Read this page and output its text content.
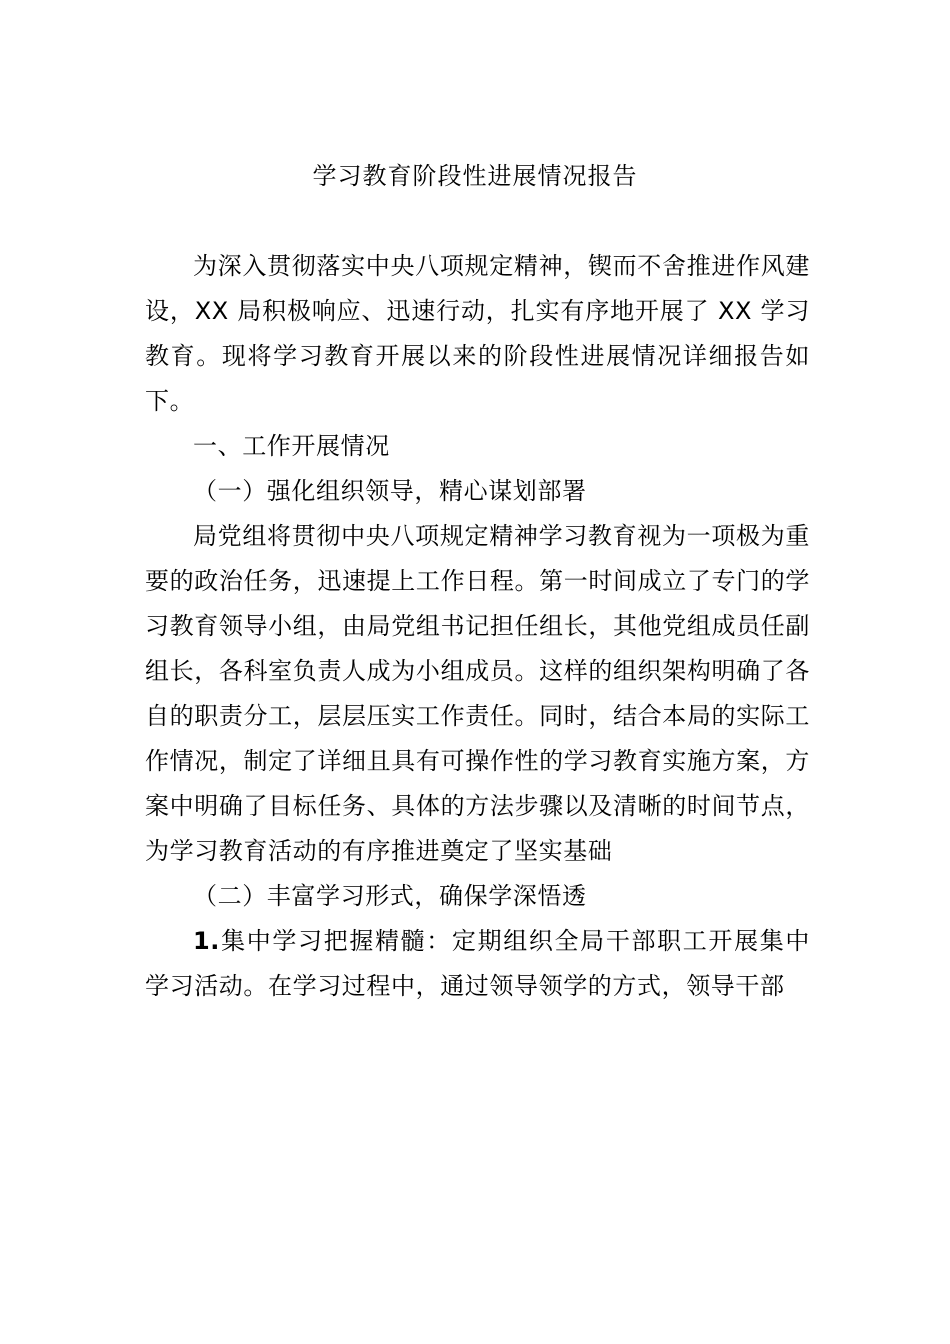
学习教育阶段性进展情况报告

为深入贯彻落实中央八项规定精神，锲而不舍推进作风建设，XX 局积极响应、迅速行动，扎实有序地开展了 XX 学习教育。现将学习教育开展以来的阶段性进展情况详细报告如下。

一、工作开展情况

（一）强化组织领导，精心谋划部署

局党组将贯彻中央八项规定精神学习教育视为一项极为重要的政治任务，迅速提上工作日程。第一时间成立了专门的学习教育领导小组，由局党组书记担任组长，其他党组成员任副组长，各科室负责人成为小组成员。这样的组织架构明确了各自的职责分工，层层压实工作责任。同时，结合本局的实际工作情况，制定了详细且具有可操作性的学习教育实施方案，方案中明确了目标任务、具体的方法步骤以及清晰的时间节点，为学习教育活动的有序推进奠定了坚实基础

（二）丰富学习形式，确保学深悟透

1.集中学习把握精髓：定期组织全局干部职工开展集中学习活动。在学习过程中，通过领导领学的方式，领导干部
